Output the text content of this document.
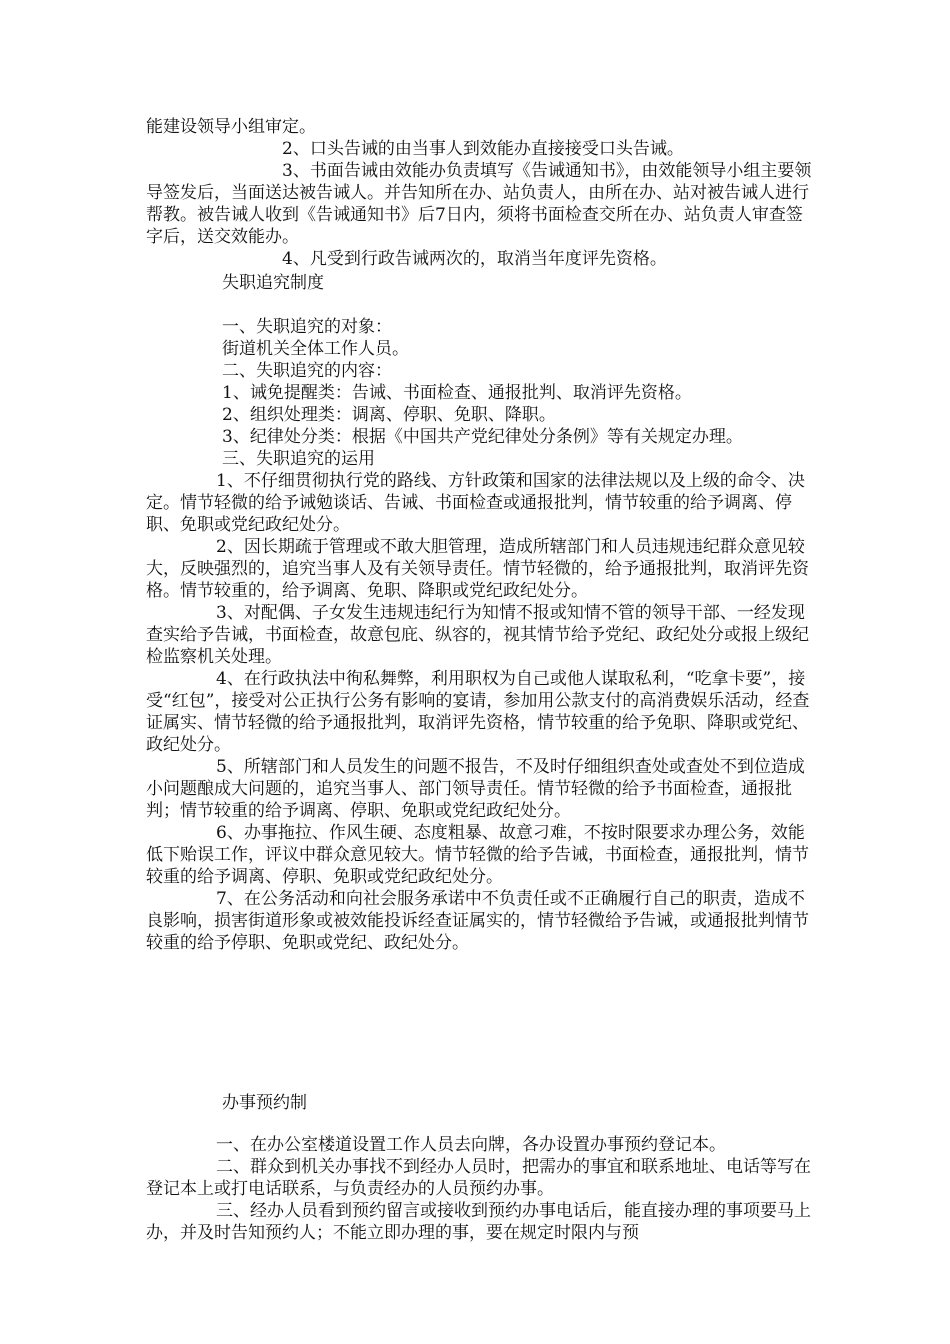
能建设领导小组审定。

2、口头告诫的由当事人到效能办直接接受口头告诫。

3、书面告诫由效能办负责填写《告诫通知书》，由效能领导小组主要领导签发后，当面送达被告诫人。并告知所在办、站负责人，由所在办、站对被告诫人进行帮教。被告诫人收到《告诫通知书》后7日内，须将书面检查交所在办、站负责人审查签字后，送交效能办。

4、凡受到行政告诫两次的，取消当年度评先资格。

失职追究制度

一、失职追究的对象：

街道机关全体工作人员。

二、失职追究的内容：

1、诫免提醒类：告诫、书面检查、通报批判、取消评先资格。

2、组织处理类：调离、停职、免职、降职。

3、纪律处分类：根据《中国共产党纪律处分条例》等有关规定办理。

三、失职追究的运用

1、不仔细贯彻执行党的路线、方针政策和国家的法律法规以及上级的命令、决定。情节轻微的给予诫勉谈话、告诫、书面检查或通报批判，情节较重的给予调离、停职、免职或党纪政纪处分。

2、因长期疏于管理或不敢大胆管理，造成所辖部门和人员违规违纪群众意见较大，反映强烈的，追究当事人及有关领导责任。情节轻微的，给予通报批判，取消评先资格。情节较重的，给予调离、免职、降职或党纪政纪处分。

3、对配偶、子女发生违规违纪行为知情不报或知情不管的领导干部、一经发现查实给予告诫，书面检查，故意包庇、纵容的，视其情节给予党纪、政纪处分或报上级纪检监察机关处理。

4、在行政执法中徇私舞弊，利用职权为自己或他人谋取私利，“吃拿卡要”，接受“红包”，接受对公正执行公务有影响的宴请，参加用公款支付的高消费娱乐活动，经查证属实、情节轻微的给予通报批判，取消评先资格，情节较重的给予免职、降职或党纪、政纪处分。

5、所辖部门和人员发生的问题不报告，不及时仔细组织查处或查处不到位造成小问题酿成大问题的，追究当事人、部门领导责任。情节轻微的给予书面检查，通报批判；情节较重的给予调离、停职、免职或党纪政纪处分。

6、办事拖拉、作风生硬、态度粗暴、故意刁难，不按时限要求办理公务，效能低下贻误工作，评议中群众意见较大。情节轻微的给予告诫，书面检查，通报批判，情节较重的给予调离、停职、免职或党纪政纪处分。

7、在公务活动和向社会服务承诺中不负责任或不正确履行自己的职责，造成不良影响，损害街道形象或被效能投诉经查证属实的，情节轻微给予告诫，或通报批判情节较重的给予停职、免职或党纪、政纪处分。

办事预约制

一、在办公室楼道设置工作人员去向牌，各办设置办事预约登记本。

二、群众到机关办事找不到经办人员时，把需办的事宜和联系地址、电话等写在登记本上或打电话联系，与负责经办的人员预约办事。

三、经办人员看到预约留言或接收到预约办事电话后，能直接办理的事项要马上办，并及时告知预约人；不能立即办理的事，要在规定时限内与预
